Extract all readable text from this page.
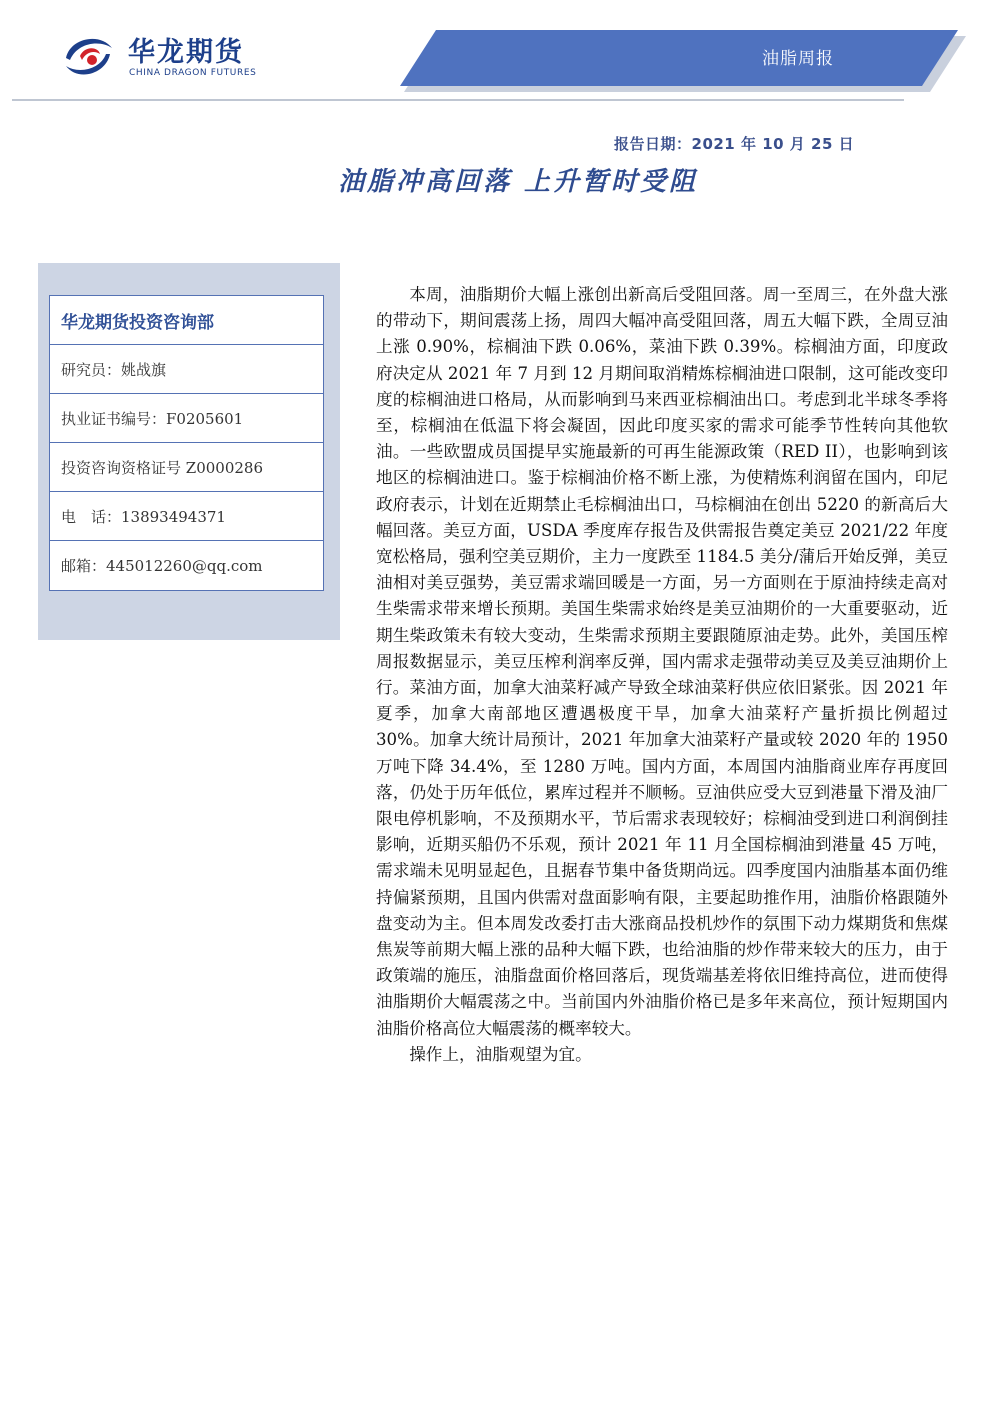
华龙期货
CHINA DRAGON FUTURES
油脂周报
报告日期：2021 年 10 月 25 日
油脂冲高回落 上升暂时受阻
华龙期货投资咨询部
研究员：姚战旗
执业证书编号：F0205601
投资咨询资格证号 Z0000286
电　话：13893494371
邮箱：445012260@qq.com

本周，油脂期价大幅上涨创出新高后受阻回落。周一至周三，在外盘大涨的带动下，期间震荡上扬，周四大幅冲高受阻回落，周五大幅下跌，全周豆油上涨 0.90%，棕榈油下跌 0.06%，菜油下跌 0.39%。棕榈油方面，印度政府决定从 2021 年 7 月到 12 月期间取消精炼棕榈油进口限制，这可能改变印度的棕榈油进口格局，从而影响到马来西亚棕榈油出口。考虑到北半球冬季将至，棕榈油在低温下将会凝固，因此印度买家的需求可能季节性转向其他软油。一些欧盟成员国提早实施最新的可再生能源政策（RED II），也影响到该地区的棕榈油进口。鉴于棕榈油价格不断上涨，为使精炼利润留在国内，印尼政府表示，计划在近期禁止毛棕榈油出口，马棕榈油在创出 5220 的新高后大幅回落。美豆方面，USDA 季度库存报告及供需报告奠定美豆 2021/22 年度宽松格局，强利空美豆期价，主力一度跌至 1184.5 美分/蒲后开始反弹，美豆油相对美豆强势，美豆需求端回暖是一方面，另一方面则在于原油持续走高对生柴需求带来增长预期。美国生柴需求始终是美豆油期价的一大重要驱动，近期生柴政策未有较大变动，生柴需求预期主要跟随原油走势。此外，美国压榨周报数据显示，美豆压榨利润率反弹，国内需求走强带动美豆及美豆油期价上行。菜油方面，加拿大油菜籽减产导致全球油菜籽供应依旧紧张。因 2021 年夏季，加拿大南部地区遭遇极度干旱，加拿大油菜籽产量折损比例超过 30%。加拿大统计局预计，2021 年加拿大油菜籽产量或较 2020 年的 1950 万吨下降 34.4%，至 1280 万吨。国内方面，本周国内油脂商业库存再度回落，仍处于历年低位，累库过程并不顺畅。豆油供应受大豆到港量下滑及油厂限电停机影响，不及预期水平，节后需求表现较好；棕榈油受到进口利润倒挂影响，近期买船仍不乐观，预计 2021 年 11 月全国棕榈油到港量 45 万吨，需求端未见明显起色，且据春节集中备货期尚远。四季度国内油脂基本面仍维持偏紧预期，且国内供需对盘面影响有限，主要起助推作用，油脂价格跟随外盘变动为主。但本周发改委打击大涨商品投机炒作的氛围下动力煤期货和焦煤焦炭等前期大幅上涨的品种大幅下跌，也给油脂的炒作带来较大的压力，由于政策端的施压，油脂盘面价格回落后，现货端基差将依旧维持高位，进而使得油脂期价大幅震荡之中。当前国内外油脂价格已是多年来高位，预计短期国内油脂价格高位大幅震荡的概率较大。

操作上，油脂观望为宜。
